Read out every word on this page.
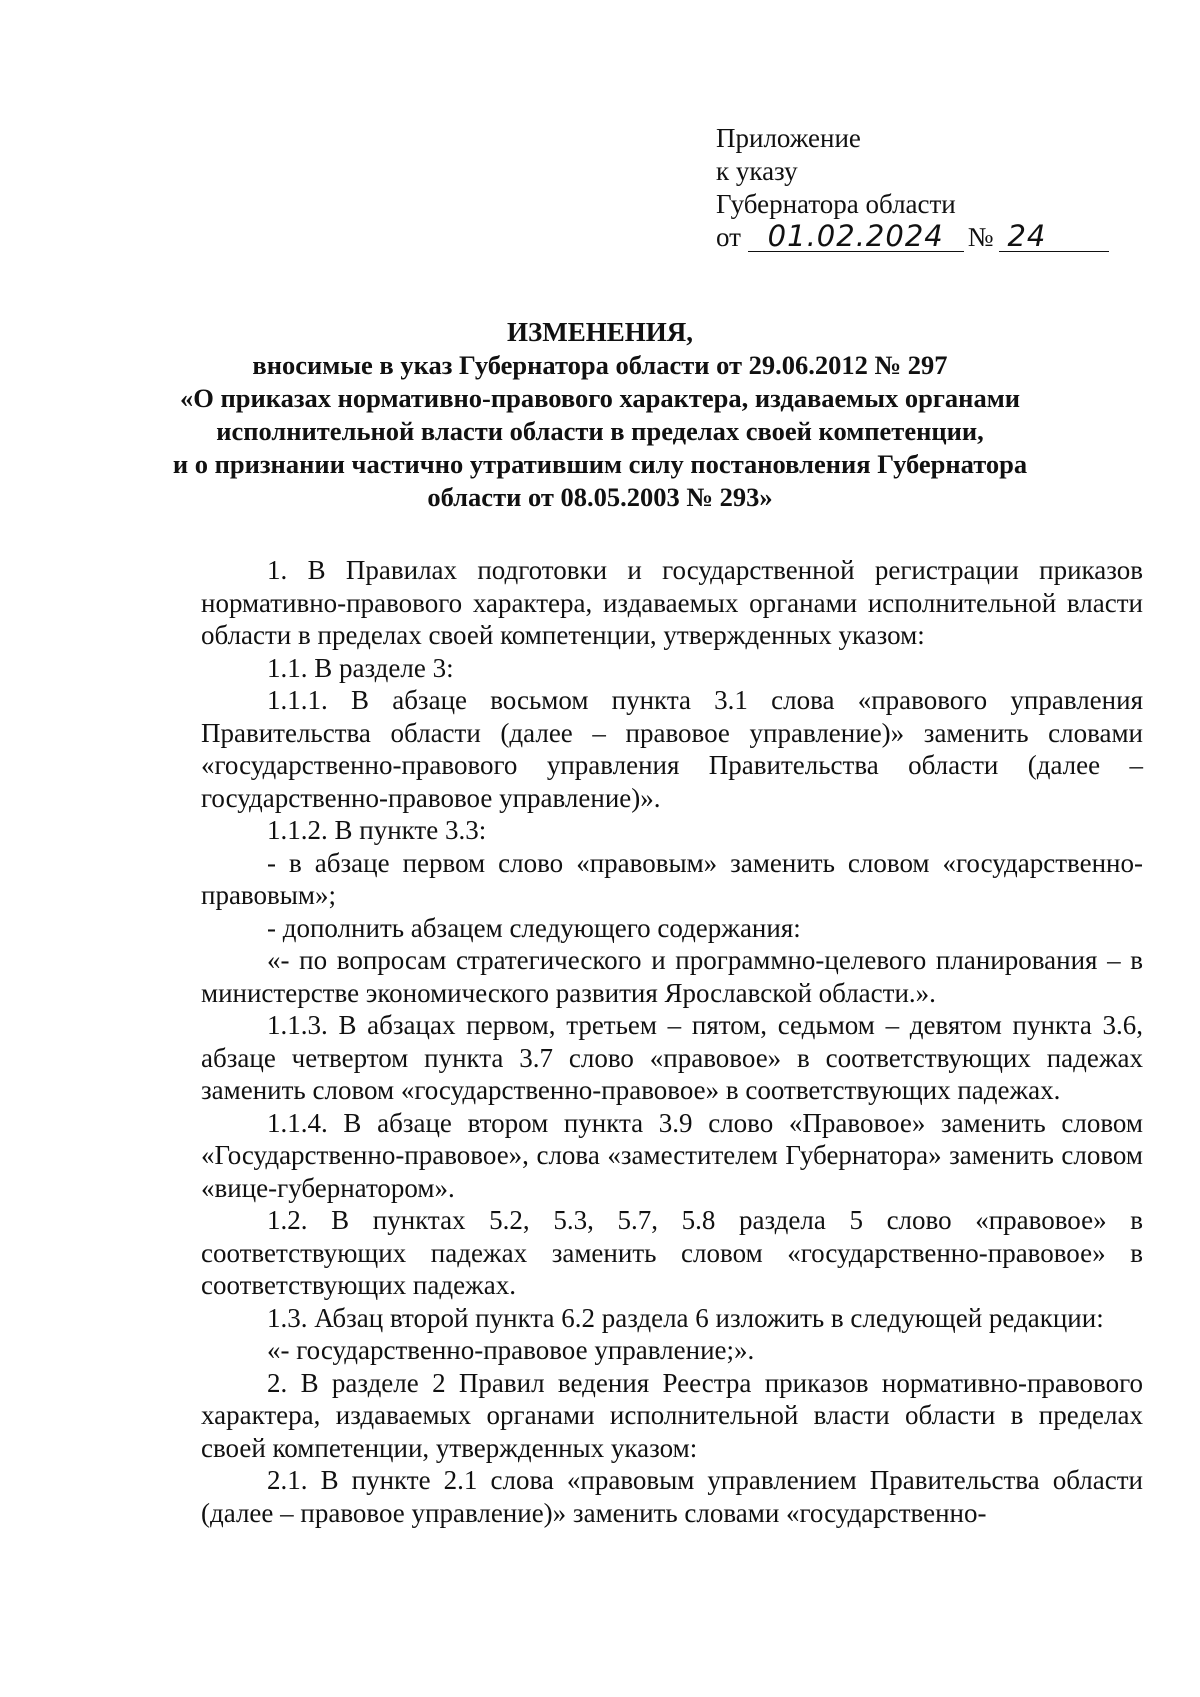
Приложение
к указу
Губернатора области
от 01.02.2024 № 24
ИЗМЕНЕНИЯ,
вносимые в указ Губернатора области от 29.06.2012 № 297
«О приказах нормативно-правового характера, издаваемых органами
исполнительной власти области в пределах своей компетенции,
и о признании частично утратившим силу постановления Губернатора
области от 08.05.2003 № 293»

1. В Правилах подготовки и государственной регистрации приказов нормативно-правового характера, издаваемых органами исполнительной власти области в пределах своей компетенции, утвержденных указом:

1.1. В разделе 3:

1.1.1. В абзаце восьмом пункта 3.1 слова «правового управления Правительства области (далее – правовое управление)» заменить словами «государственно-правового управления Правительства области (далее – государственно-правовое управление)».

1.1.2. В пункте 3.3:

- в абзаце первом слово «правовым» заменить словом «государственно-правовым»;

- дополнить абзацем следующего содержания:

«- по вопросам стратегического и программно-целевого планирования – в министерстве экономического развития Ярославской области.».

1.1.3. В абзацах первом, третьем – пятом, седьмом – девятом пункта 3.6, абзаце четвертом пункта 3.7 слово «правовое» в соответствующих падежах заменить словом «государственно-правовое» в соответствующих падежах.

1.1.4. В абзаце втором пункта 3.9 слово «Правовое» заменить словом «Государственно-правовое», слова «заместителем Губернатора» заменить словом «вице-губернатором».

1.2. В пунктах 5.2, 5.3, 5.7, 5.8 раздела 5 слово «правовое» в соответствующих падежах заменить словом «государственно-правовое» в соответствующих падежах.

1.3. Абзац второй пункта 6.2 раздела 6 изложить в следующей редакции:

«- государственно-правовое управление;».

2. В разделе 2 Правил ведения Реестра приказов нормативно-правового характера, издаваемых органами исполнительной власти области в пределах своей компетенции, утвержденных указом:

2.1. В пункте 2.1 слова «правовым управлением Правительства области (далее – правовое управление)» заменить словами «государственно-
